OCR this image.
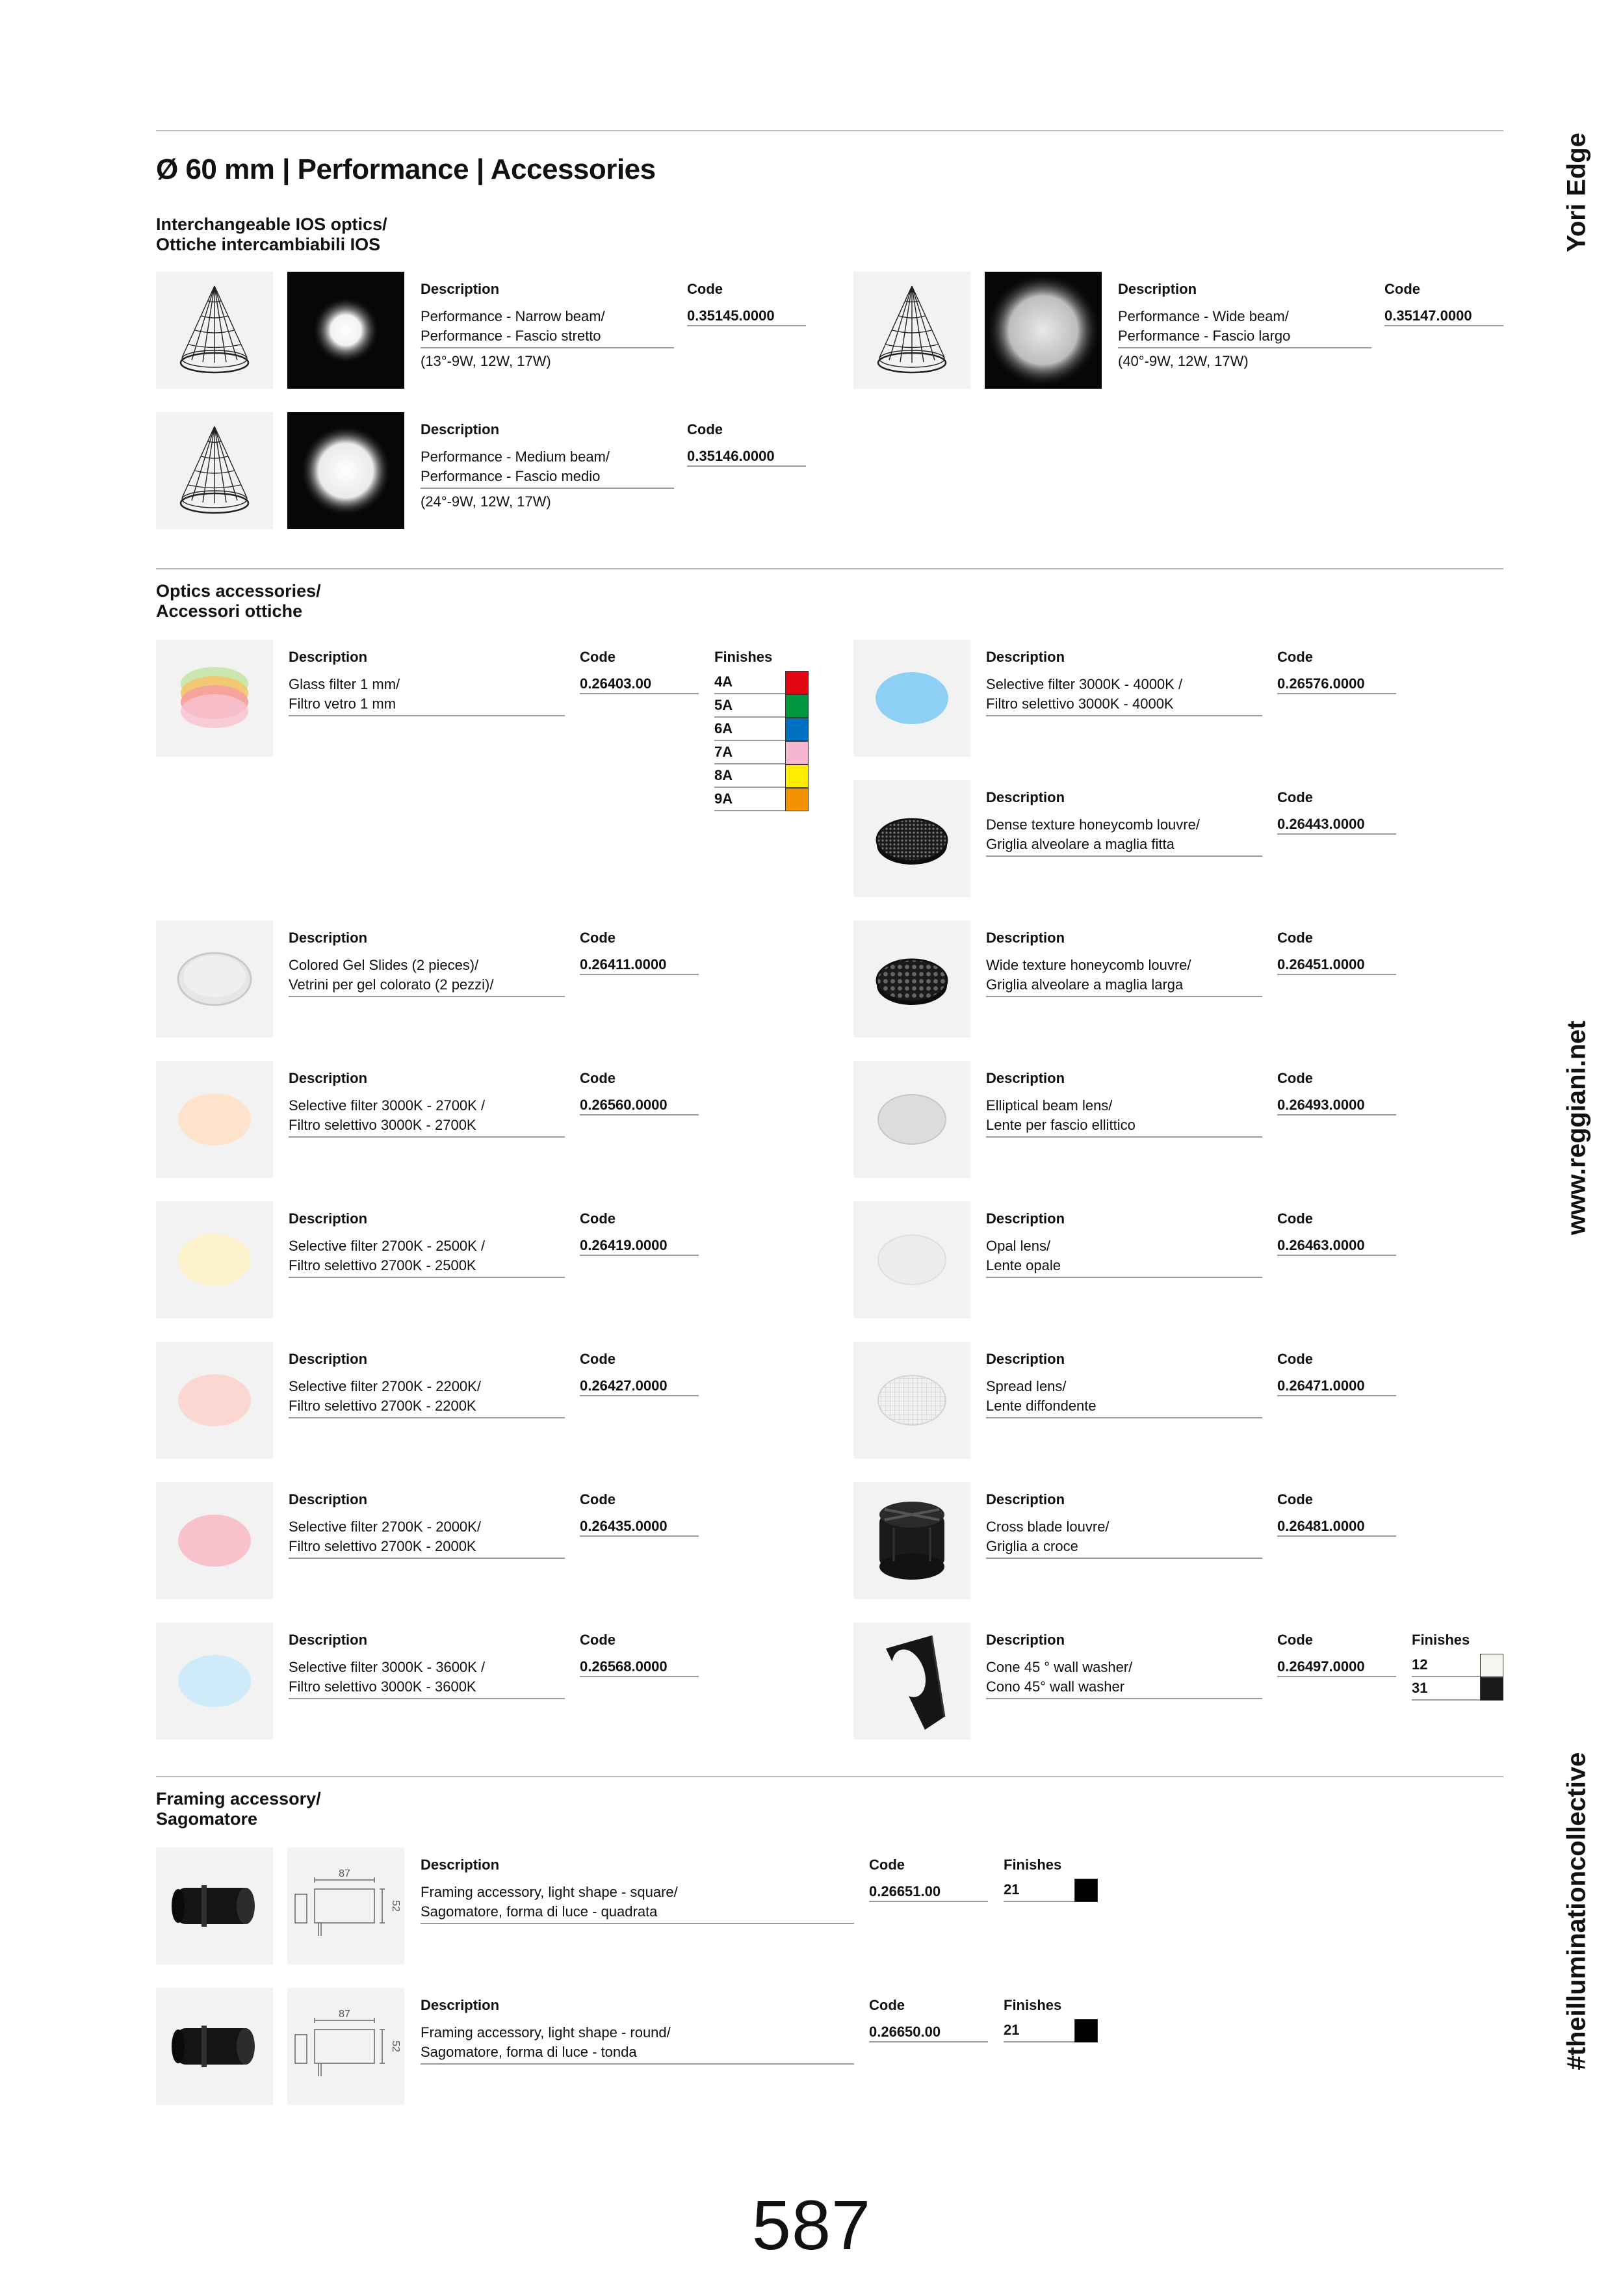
Ø 60 mm | Performance | Accessories
Interchangeable IOS optics/
Ottiche intercambiabili IOS
Description
Performance - Narrow beam/
Performance - Fascio stretto
(13°-9W, 12W, 17W)
Code
0.35145.0000
Description
Performance - Wide beam/
Performance - Fascio largo
(40°-9W, 12W, 17W)
Code
0.35147.0000
Description
Performance - Medium beam/
Performance - Fascio medio
(24°-9W, 12W, 17W)
Code
0.35146.0000
Optics accessories/
Accessori ottiche
Description
Glass filter 1 mm/
Filtro vetro 1 mm
Code
0.26403.00
Finishes
4A
5A
6A
7A
8A
9A
Description
Colored Gel Slides (2 pieces)/
Vetrini per gel colorato (2 pezzi)/
Code
0.26411.0000
Description
Selective filter 3000K - 2700K /
Filtro selettivo 3000K - 2700K
Code
0.26560.0000
Description
Selective filter 2700K - 2500K /
Filtro selettivo 2700K - 2500K
Code
0.26419.0000
Description
Selective filter 2700K - 2200K/
Filtro selettivo 2700K - 2200K
Code
0.26427.0000
Description
Selective filter 2700K - 2000K/
Filtro selettivo 2700K - 2000K
Code
0.26435.0000
Description
Selective filter 3000K - 3600K /
Filtro selettivo 3000K - 3600K
Code
0.26568.0000
Description
Selective filter 3000K - 4000K /
Filtro selettivo 3000K - 4000K
Code
0.26576.0000
Description
Dense texture honeycomb louvre/
Griglia alveolare a maglia fitta
Code
0.26443.0000
Description
Wide texture honeycomb louvre/
Griglia alveolare a maglia larga
Code
0.26451.0000
Description
Elliptical beam lens/
Lente per fascio ellittico
Code
0.26493.0000
Description
Opal lens/
Lente opale
Code
0.26463.0000
Description
Spread lens/
Lente diffondente
Code
0.26471.0000
Description
Cross blade louvre/
Griglia a croce
Code
0.26481.0000
Description
Cone 45 ° wall washer/
Cono 45° wall washer
Code
0.26497.0000
Finishes
12
31
Framing accessory/
Sagomatore
87
52
Description
Framing accessory, light shape - square/
Sagomatore, forma di luce - quadrata
Code
0.26651.00
Finishes
21
87
52
Description
Framing accessory, light shape - round/
Sagomatore, forma di luce - tonda
Code
0.26650.00
Finishes
21
Yori Edge
www.reggiani.net
#theilluminationcollective
587
